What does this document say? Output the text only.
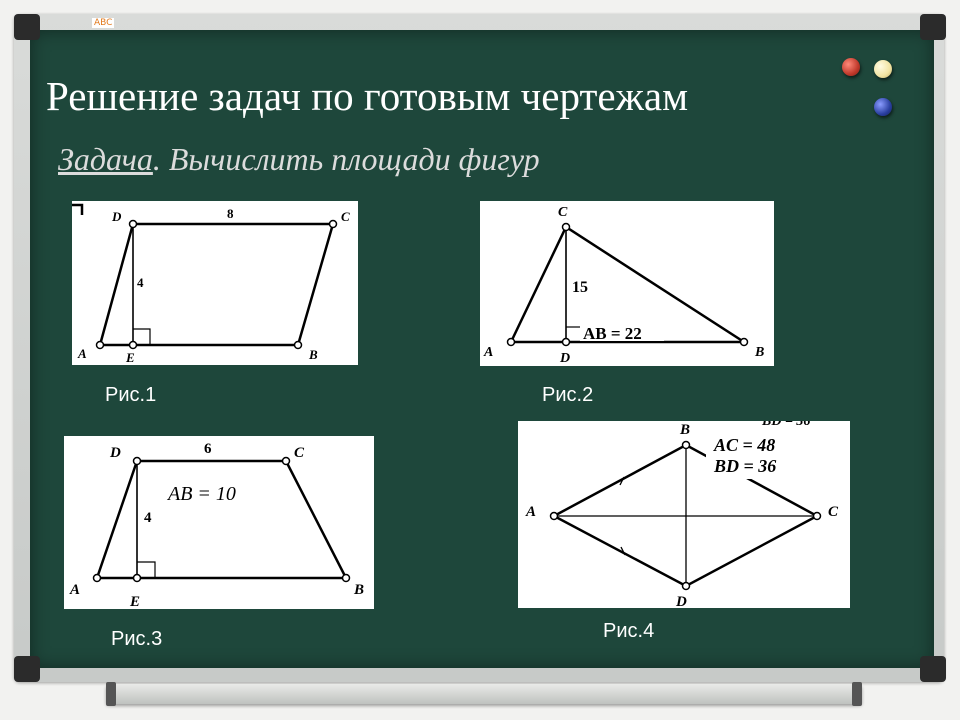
ABC
Решение задач по готовым чертежам
Задача. Вычислить площади фигур
D	C
A	E	B
8
4
Рис.1
C
A	D	B
15
AB = 22
Рис.2
D	C
A
E
B
6
4
AB = 10
Рис.3
BD = 36
B
A	C
D
AC = 48
BD = 36
Рис.4
